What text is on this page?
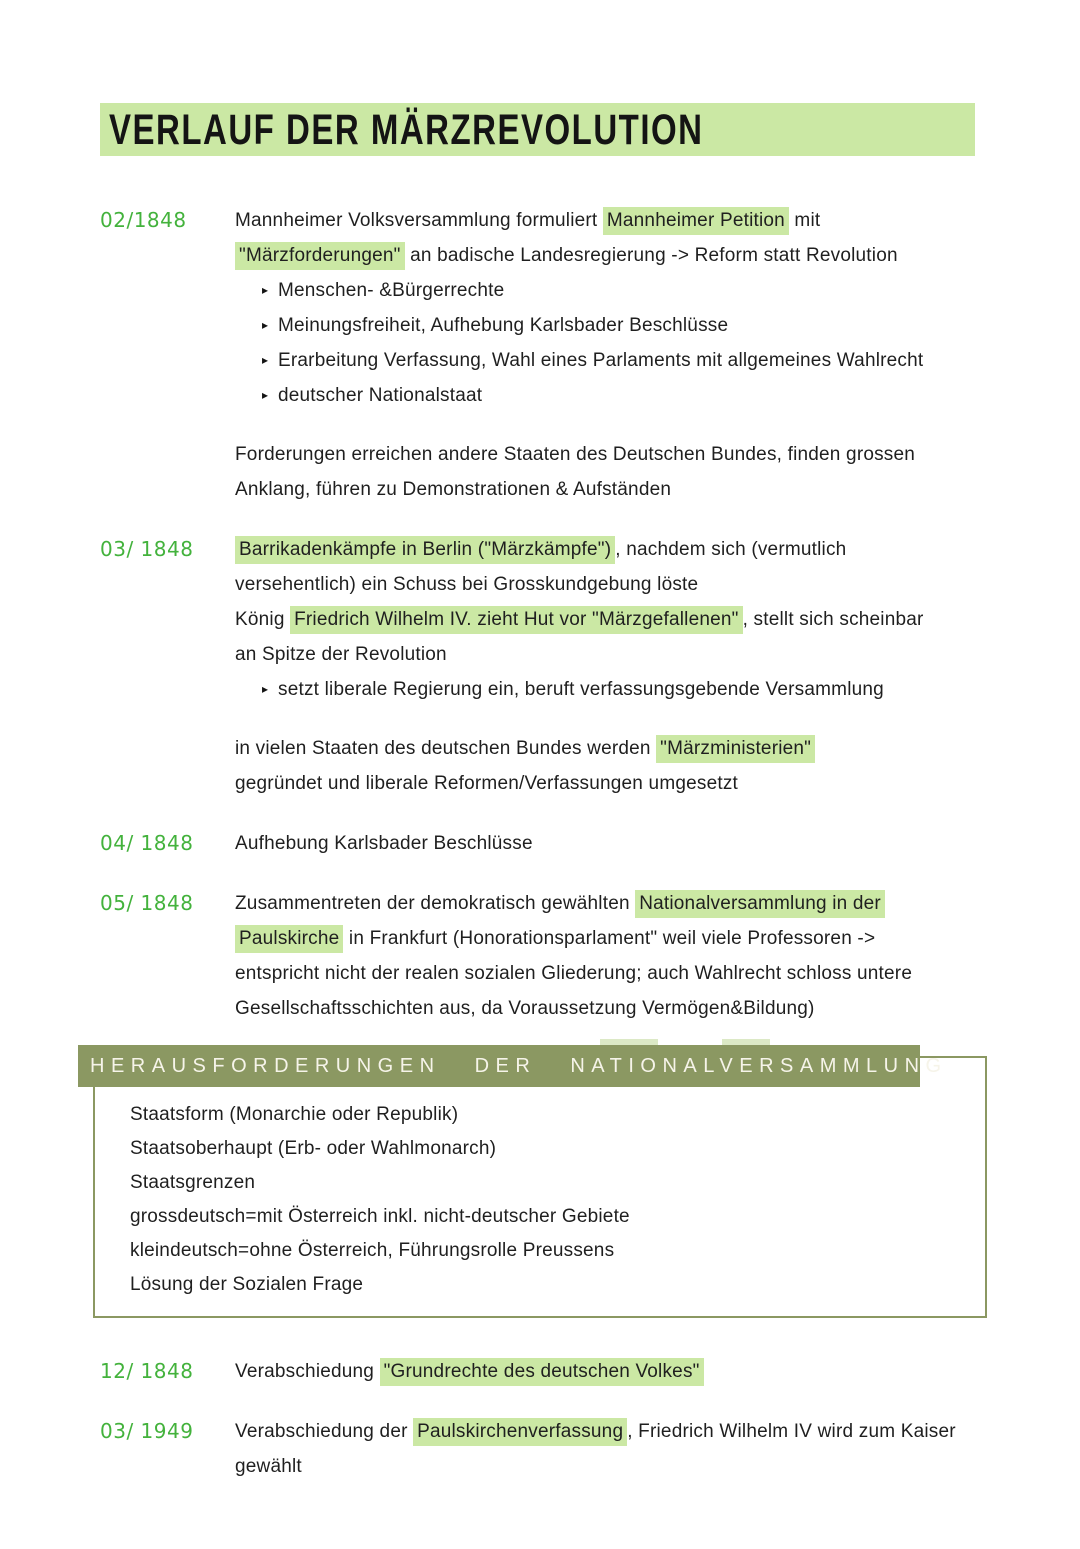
VERLAUF DER MÄRZREVOLUTION
02/1848	Mannheimer Volksversammlung formuliert Mannheimer Petition mit
"Märzforderungen" an badische Landesregierung -> Reform statt Revolution
▸ Menschen- &Bürgerrechte
▸ Meinungsfreiheit, Aufhebung Karlsbader Beschlüsse
▸ Erarbeitung Verfassung, Wahl eines Parlaments mit allgemeines Wahlrecht
▸ deutscher Nationalstaat
Forderungen erreichen andere Staaten des Deutschen Bundes, finden grossen
Anklang, führen zu Demonstrationen & Aufständen
03/ 1848	Barrikadenkämpfe in Berlin ("Märzkämpfe") , nachdem sich (vermutlich
versehentlich) ein Schuss bei Grosskundgebung löste
König Friedrich Wilhelm IV. zieht Hut vor "Märzgefallenen" , stellt sich scheinbar
an Spitze der Revolution
▸ setzt liberale Regierung ein, beruft verfassungsgebende Versammlung
in vielen Staaten des deutschen Bundes werden "Märzministerien"
gegründet und liberale Reformen/Verfassungen umgesetzt
04/ 1848	Aufhebung Karlsbader Beschlüsse
05/ 1848	Zusammentreten der demokratisch gewählten Nationalversammlung in der
Paulskirche in Frankfurt (Honorationsparlament" weil viele Professoren ->
entspricht nicht der realen sozialen Gliederung; auch Wahlrecht schloss untere
Gesellschaftsschichten aus, da Voraussetzung Vermögen&Bildung)
HERAUSFORDERUNGEN DER NATIONALVERSAMMLUNG
Staatsform (Monarchie oder Republik)
Staatsoberhaupt (Erb- oder Wahlmonarch)
Staatsgrenzen
grossdeutsch=mit Österreich inkl. nicht-deutscher Gebiete
kleindeutsch=ohne Österreich, Führungsrolle Preussens
Lösung der Sozialen Frage
12/ 1848	Verabschiedung "Grundrechte des deutschen Volkes"
03/ 1949	Verabschiedung der Paulskirchenverfassung , Friedrich Wilhelm IV wird zum Kaiser
gewählt
